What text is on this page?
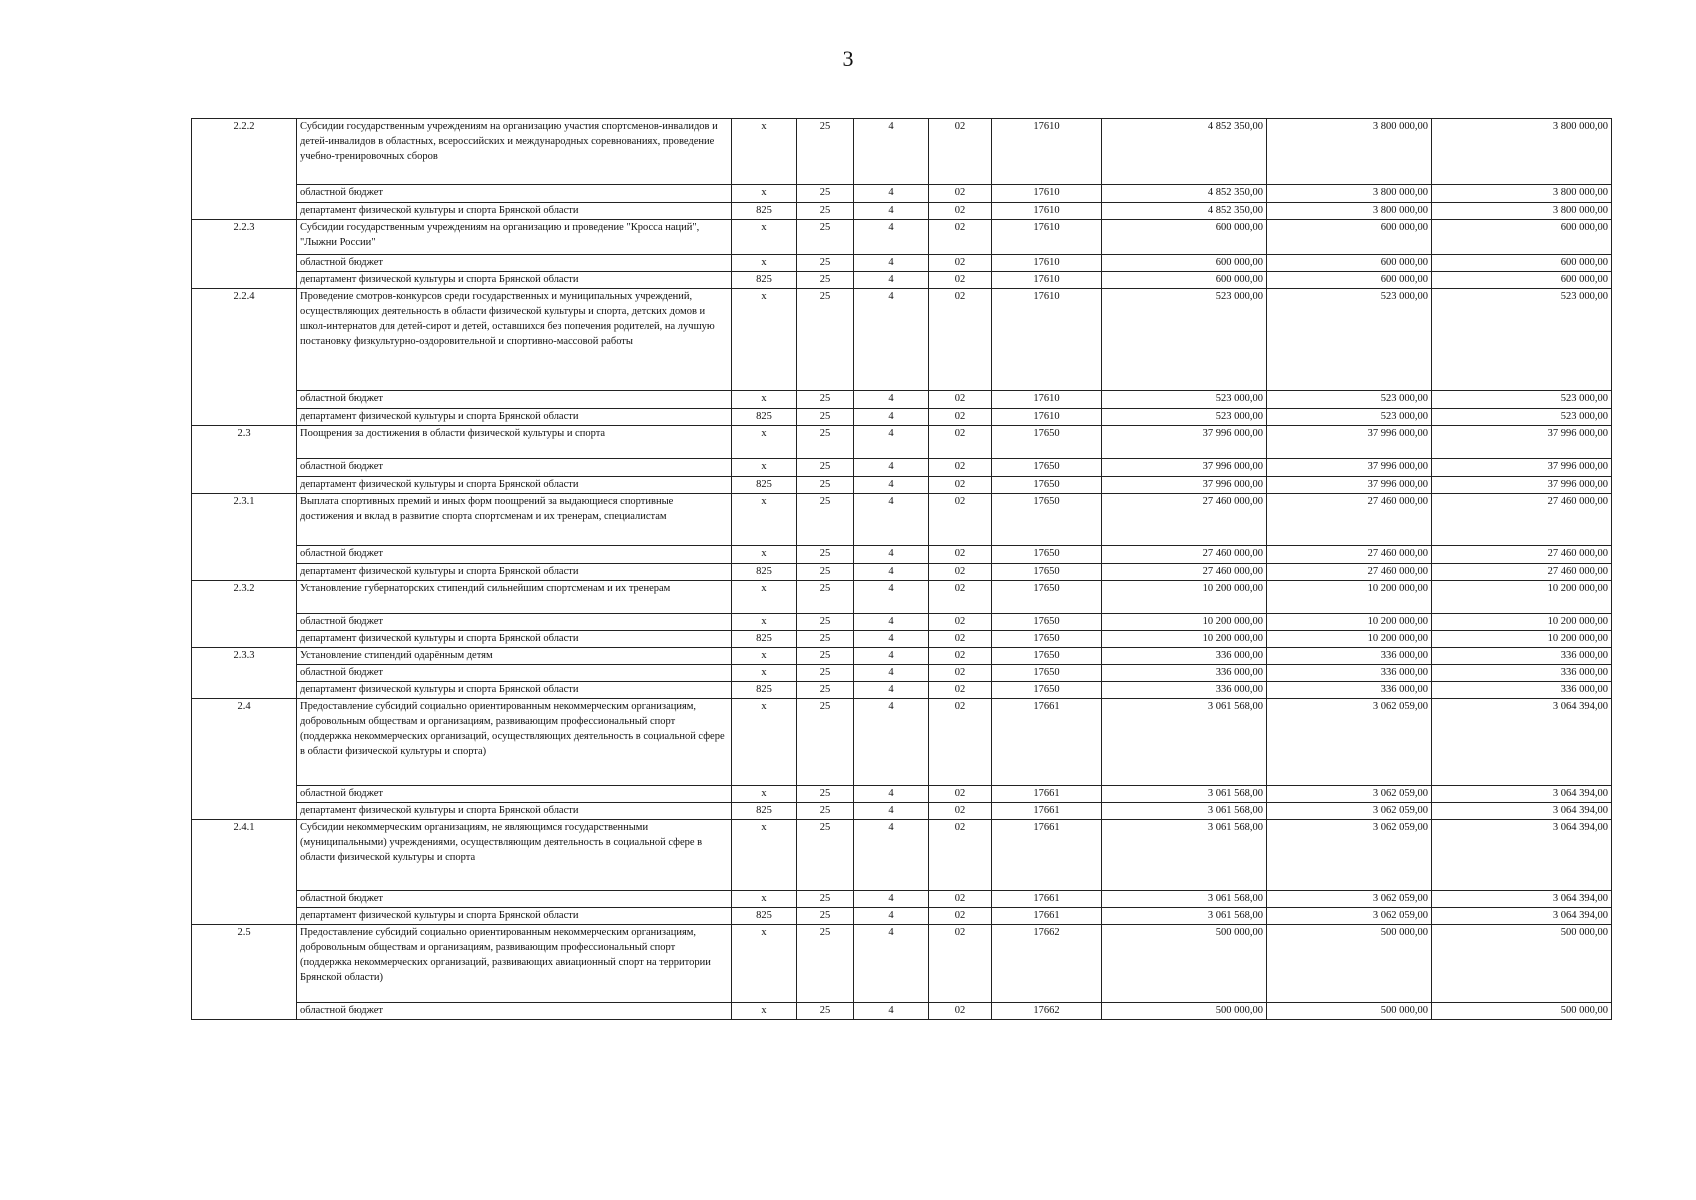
3
2.2.2	Субсидии государственным учреждениям на организацию участия спортсменов-инвалидов и детей-инвалидов в областных, всероссийских и международных соревнованиях, проведение учебно-тренировочных сборов	х	25	4	02	17610	4 852 350,00	3 800 000,00	3 800 000,00
	областной бюджет	х	25	4	02	17610	4 852 350,00	3 800 000,00	3 800 000,00
	департамент физической культуры и спорта Брянской области	825	25	4	02	17610	4 852 350,00	3 800 000,00	3 800 000,00
2.2.3	Субсидии государственным учреждениям на организацию и проведение "Кросса наций", "Лыжни России"	х	25	4	02	17610	600 000,00	600 000,00	600 000,00
	областной бюджет	х	25	4	02	17610	600 000,00	600 000,00	600 000,00
	департамент физической культуры и спорта Брянской области	825	25	4	02	17610	600 000,00	600 000,00	600 000,00
2.2.4	Проведение смотров-конкурсов среди государственных и муниципальных учреждений, осуществляющих деятельность в области физической культуры и спорта, детских домов и школ-интернатов для детей-сирот и детей, оставшихся без попечения родителей, на лучшую постановку физкультурно-оздоровительной и спортивно-массовой работы	х	25	4	02	17610	523 000,00	523 000,00	523 000,00
	областной бюджет	х	25	4	02	17610	523 000,00	523 000,00	523 000,00
	департамент физической культуры и спорта Брянской области	825	25	4	02	17610	523 000,00	523 000,00	523 000,00
2.3	Поощрения за достижения в области физической культуры и спорта	х	25	4	02	17650	37 996 000,00	37 996 000,00	37 996 000,00
	областной бюджет	х	25	4	02	17650	37 996 000,00	37 996 000,00	37 996 000,00
	департамент физической культуры и спорта Брянской области	825	25	4	02	17650	37 996 000,00	37 996 000,00	37 996 000,00
2.3.1	Выплата спортивных премий и иных форм поощрений за выдающиеся спортивные достижения и вклад в развитие спорта спортсменам и их тренерам, специалистам	х	25	4	02	17650	27 460 000,00	27 460 000,00	27 460 000,00
	областной бюджет	х	25	4	02	17650	27 460 000,00	27 460 000,00	27 460 000,00
	департамент физической культуры и спорта Брянской области	825	25	4	02	17650	27 460 000,00	27 460 000,00	27 460 000,00
2.3.2	Установление губернаторских стипендий сильнейшим спортсменам и их тренерам	х	25	4	02	17650	10 200 000,00	10 200 000,00	10 200 000,00
	областной бюджет	х	25	4	02	17650	10 200 000,00	10 200 000,00	10 200 000,00
	департамент физической культуры и спорта Брянской области	825	25	4	02	17650	10 200 000,00	10 200 000,00	10 200 000,00
2.3.3	Установление стипендий одарённым детям	х	25	4	02	17650	336 000,00	336 000,00	336 000,00
	областной бюджет	х	25	4	02	17650	336 000,00	336 000,00	336 000,00
	департамент физической культуры и спорта Брянской области	825	25	4	02	17650	336 000,00	336 000,00	336 000,00
2.4	Предоставление субсидий социально ориентированным некоммерческим организациям, добровольным обществам и организациям, развивающим профессиональный спорт (поддержка некоммерческих организаций, осуществляющих деятельность в социальной сфере в области физической культуры и спорта)	х	25	4	02	17661	3 061 568,00	3 062 059,00	3 064 394,00
	областной бюджет	х	25	4	02	17661	3 061 568,00	3 062 059,00	3 064 394,00
	департамент физической культуры и спорта Брянской области	825	25	4	02	17661	3 061 568,00	3 062 059,00	3 064 394,00
2.4.1	Субсидии некоммерческим организациям, не являющимся государственными (муниципальными) учреждениями, осуществляющим деятельность в социальной сфере в области физической культуры и спорта	х	25	4	02	17661	3 061 568,00	3 062 059,00	3 064 394,00
	областной бюджет	х	25	4	02	17661	3 061 568,00	3 062 059,00	3 064 394,00
	департамент физической культуры и спорта Брянской области	825	25	4	02	17661	3 061 568,00	3 062 059,00	3 064 394,00
2.5	Предоставление субсидий социально ориентированным некоммерческим организациям, добровольным обществам и организациям, развивающим профессиональный спорт (поддержка некоммерческих организаций, развивающих авиационный спорт на территории Брянской области)	х	25	4	02	17662	500 000,00	500 000,00	500 000,00
	областной бюджет	х	25	4	02	17662	500 000,00	500 000,00	500 000,00
